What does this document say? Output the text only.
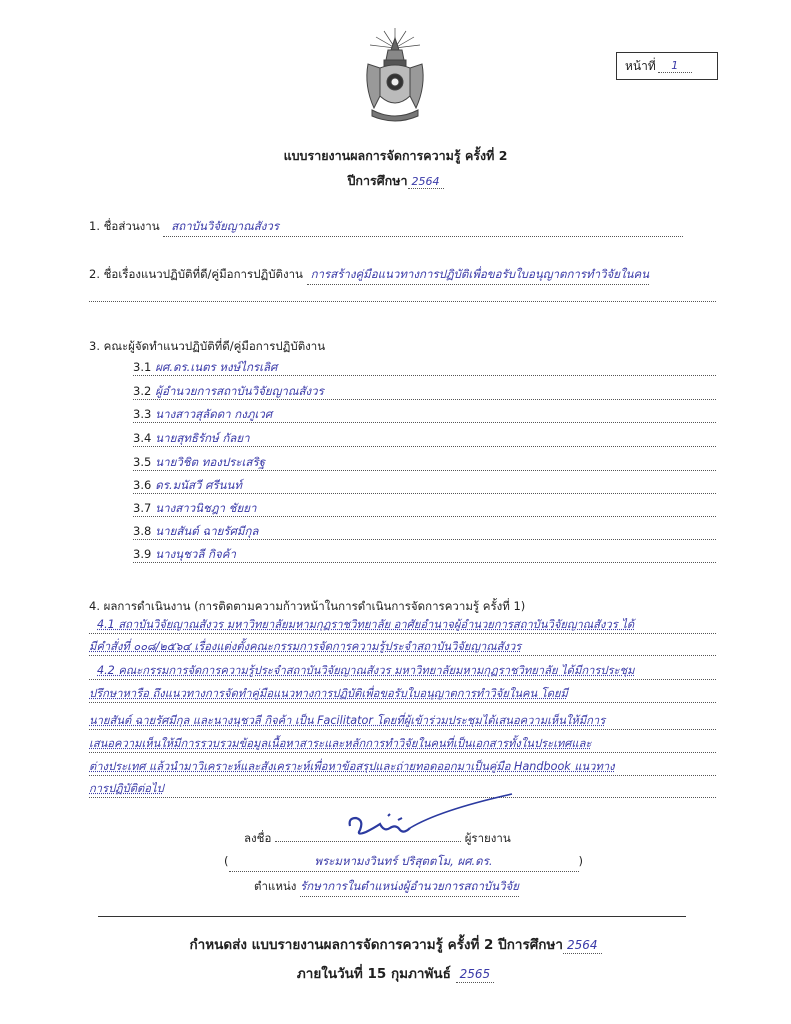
หน้าที่	1
แบบรายงานผลการจัดการความรู้ ครั้งที่ 2
ปีการศึกษา 2564
1. ชื่อส่วนงาน สถาบันวิจัยญาณสังวร
2. ชื่อเรื่องแนวปฏิบัติที่ดี/คู่มือการปฏิบัติงาน การสร้างคู่มือแนวทางการปฏิบัติเพื่อขอรับใบอนุญาตการทำวิจัยในคน
3. คณะผู้จัดทำแนวปฏิบัติที่ดี/คู่มือการปฏิบัติงาน
3.1 ผศ.ดร.เนตร หงษ์ไกรเลิศ
3.2 ผู้อำนวยการสถาบันวิจัยญาณสังวร
3.3 นางสาวสุลัดดา กงภูเวศ
3.4 นายสุทธิรักษ์ กัลยา
3.5 นายวิชิต ทองประเสริฐ
3.6 ดร.มนัสวี ศรีนนท์
3.7 นางสาวนิชฎา ชัยยา
3.8 นายสันต์ ฉายรัศมีกุล
3.9 นางนุชวลี กิจค้า
4. ผลการดำเนินงาน (การติดตามความก้าวหน้าในการดำเนินการจัดการความรู้ ครั้งที่ 1)
4.1 สถาบันวิจัยญาณสังวร มหาวิทยาลัยมหามกุฏราชวิทยาลัย อาศัยอำนาจผู้อำนวยการสถาบันวิจัยญาณสังวร ได้
มีคำสั่งที่ ๐๐๘/๒๕๖๔ เรื่องแต่งตั้งคณะกรรมการจัดการความรู้ประจำสถาบันวิจัยญาณสังวร
4.2 คณะกรรมการจัดการความรู้ประจำสถาบันวิจัยญาณสังวร มหาวิทยาลัยมหามกุฏราชวิทยาลัย ได้มีการประชุม
ปรึกษาหารือ ถึงแนวทางการจัดทำคู่มือแนวทางการปฏิบัติเพื่อขอรับใบอนุญาตการทำวิจัยในคน โดยมี
นายสันต์ ฉายรัศมีกุล และนางนุชวลี กิจค้า เป็น Facilitator โดยที่ผู้เข้าร่วมประชุมได้เสนอความเห็นให้มีการ
เสนอความเห็นให้มีการรวบรวมข้อมูลเนื้อหาสาระและหลักการทำวิจัยในคนที่เป็นเอกสารทั้งในประเทศและ
ต่างประเทศ แล้วนำมาวิเคราะห์และสังเคราะห์เพื่อหาข้อสรุปและถ่ายทอดออกมาเป็นคู่มือ Handbook แนวทาง
การปฏิบัติต่อไป
ลงชื่อ	ผู้รายงาน
(	พระมหามงวินทร์ ปริสุตตโม, ผศ.ดร.	)
ตำแหน่ง รักษาการในตำแหน่งผู้อำนวยการสถาบันวิจัย
กำหนดส่ง แบบรายงานผลการจัดการความรู้ ครั้งที่ 2 ปีการศึกษา 2564
ภายในวันที่ 15 กุมภาพันธ์ 2565
